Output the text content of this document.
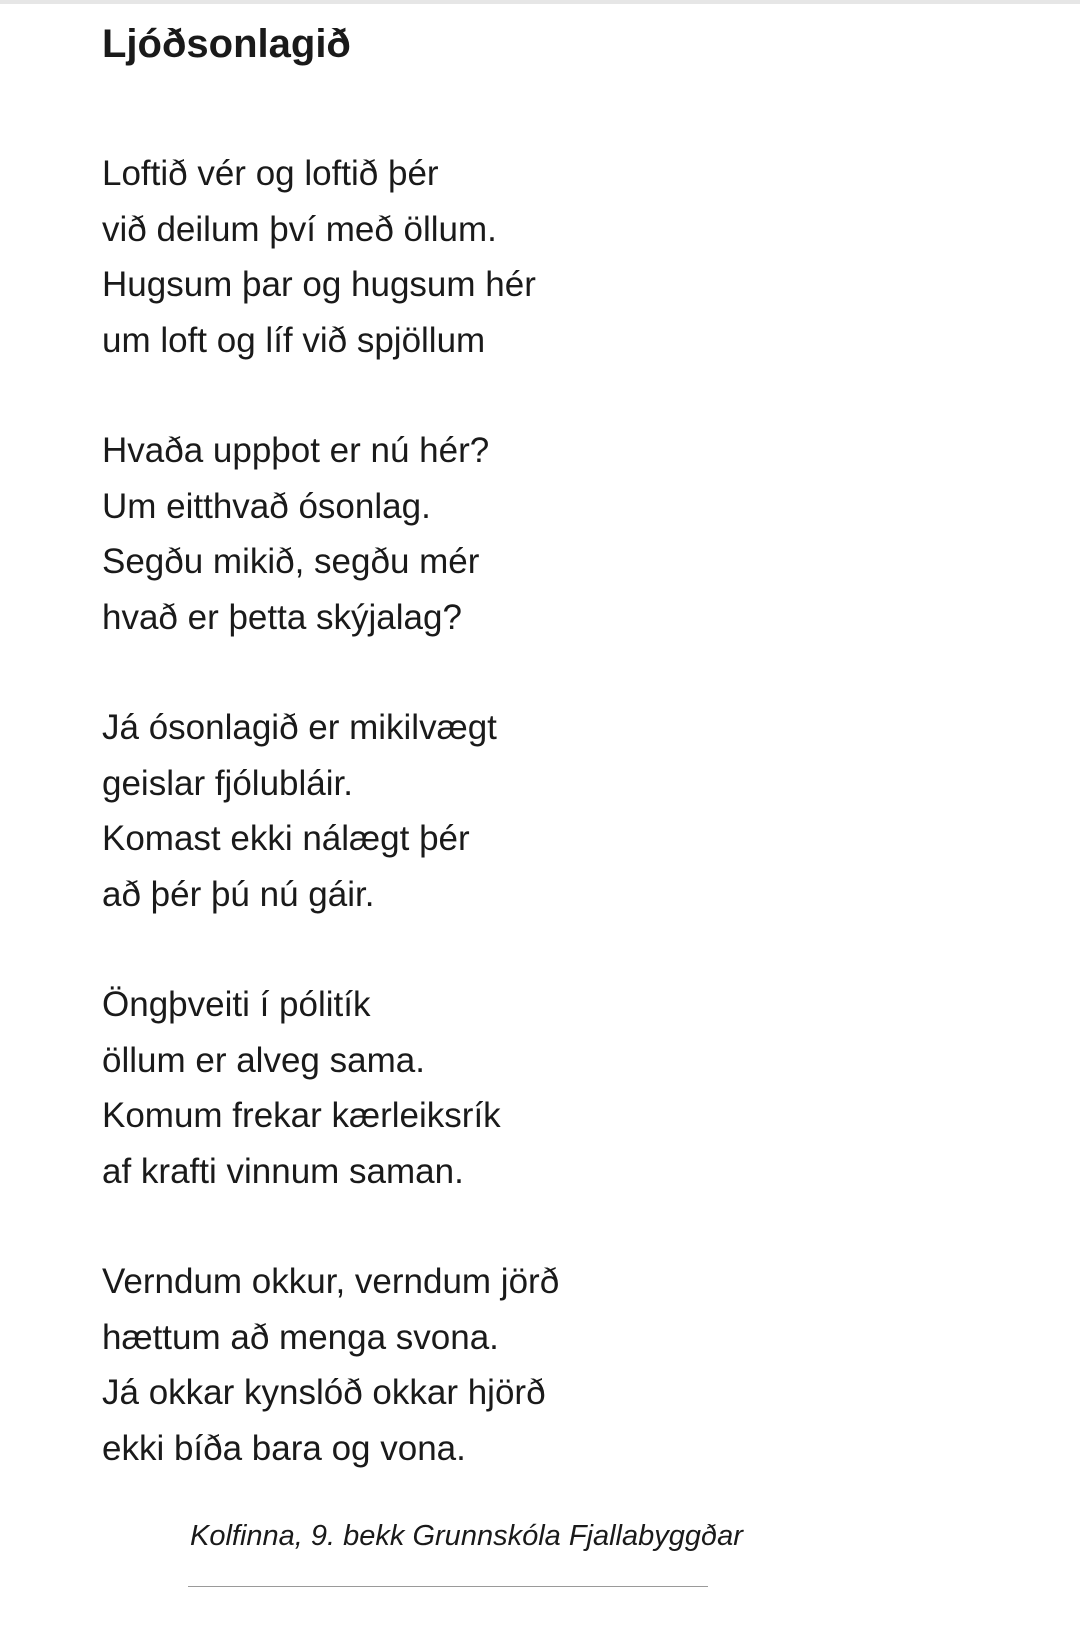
Ljóðsonlagið
Loftið vér og loftið þér
við deilum því með öllum.
Hugsum þar og hugsum hér
um loft og líf við spjöllum
Hvaða uppþot er nú hér?
Um eitthvað ósonlag.
Segðu mikið, segðu mér
hvað er þetta skýjalag?
Já ósonlagið er mikilvægt
geislar fjólubláir.
Komast ekki nálægt þér
að þér þú nú gáir.
Öngþveiti í pólitík
öllum er alveg sama.
Komum frekar kærleiksrík
af krafti vinnum saman.
Verndum okkur, verndum jörð
hættum að menga svona.
Já okkar kynslóð okkar hjörð
ekki bíða bara og vona.
Kolfinna, 9. bekk Grunnskóla Fjallabyggðar
